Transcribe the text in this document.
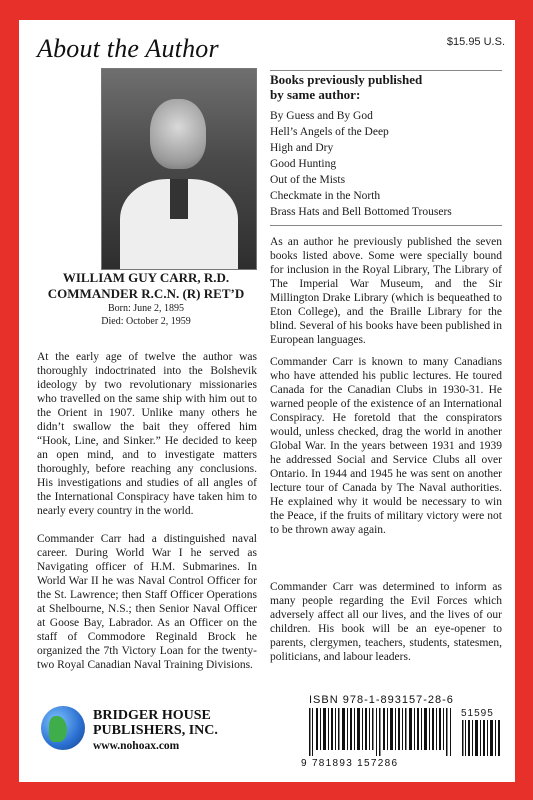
About the Author	$15.95 U.S.
WILLIAM GUY CARR, R.D.
COMMANDER R.C.N. (R) RET’D
Born: June 2, 1895
Died: October 2, 1959

At the early age of twelve the author was thoroughly indoctrinated into the Bolshevik ideology by two revolutionary missionaries who travelled on the same ship with him out to the Orient in 1907. Unlike many others he didn’t swallow the bait they offered him “Hook, Line, and Sinker.” He decided to keep an open mind, and to investigate matters thoroughly, before reaching any conclusions. His investigations and studies of all angles of the International Conspiracy have taken him to nearly every country in the world.

Commander Carr had a distinguished naval career. During World War I he served as Navigating officer of H.M. Submarines. In World War II he was Naval Control Officer for the St. Lawrence; then Staff Officer Operations at Shelbourne, N.S.; then Senior Naval Officer at Goose Bay, Labrador. As an Officer on the staff of Commodore Reginald Brock he organized the 7th Victory Loan for the twenty-two Royal Canadian Naval Training Divisions.

Books previously published
by same author:
By Guess and By God
Hell’s Angels of the Deep
High and Dry
Good Hunting
Out of the Mists
Checkmate in the North
Brass Hats and Bell Bottomed Trousers

As an author he previously published the seven books listed above. Some were specially bound for inclusion in the Royal Library, The Library of The Imperial War Museum, and the Sir Millington Drake Library (which is bequeathed to Eton College), and the Braille Library for the blind. Several of his books have been published in European languages.

Commander Carr is known to many Canadians who have attended his public lectures. He toured Canada for the Canadian Clubs in 1930-31. He warned people of the existence of an International Conspiracy. He foretold that the conspirators would, unless checked, drag the world in another Global War. In the years between 1931 and 1939 he addressed Social and Service Clubs all over Ontario. In 1944 and 1945 he was sent on another lecture tour of Canada by The Naval authorities. He explained why it would be necessary to win the Peace, if the fruits of military victory were not to be thrown away again.

Commander Carr was determined to inform as many people regarding the Evil Forces which adversely affect all our lives, and the lives of our children. His book will be an eye-opener to parents, clergymen, teachers, students, statesmen, politicians, and labour leaders.

BRIDGER HOUSE
PUBLISHERS, INC.
www.nohoax.com
ISBN 978-1-893157-28-6
51595
9 781893 157286
